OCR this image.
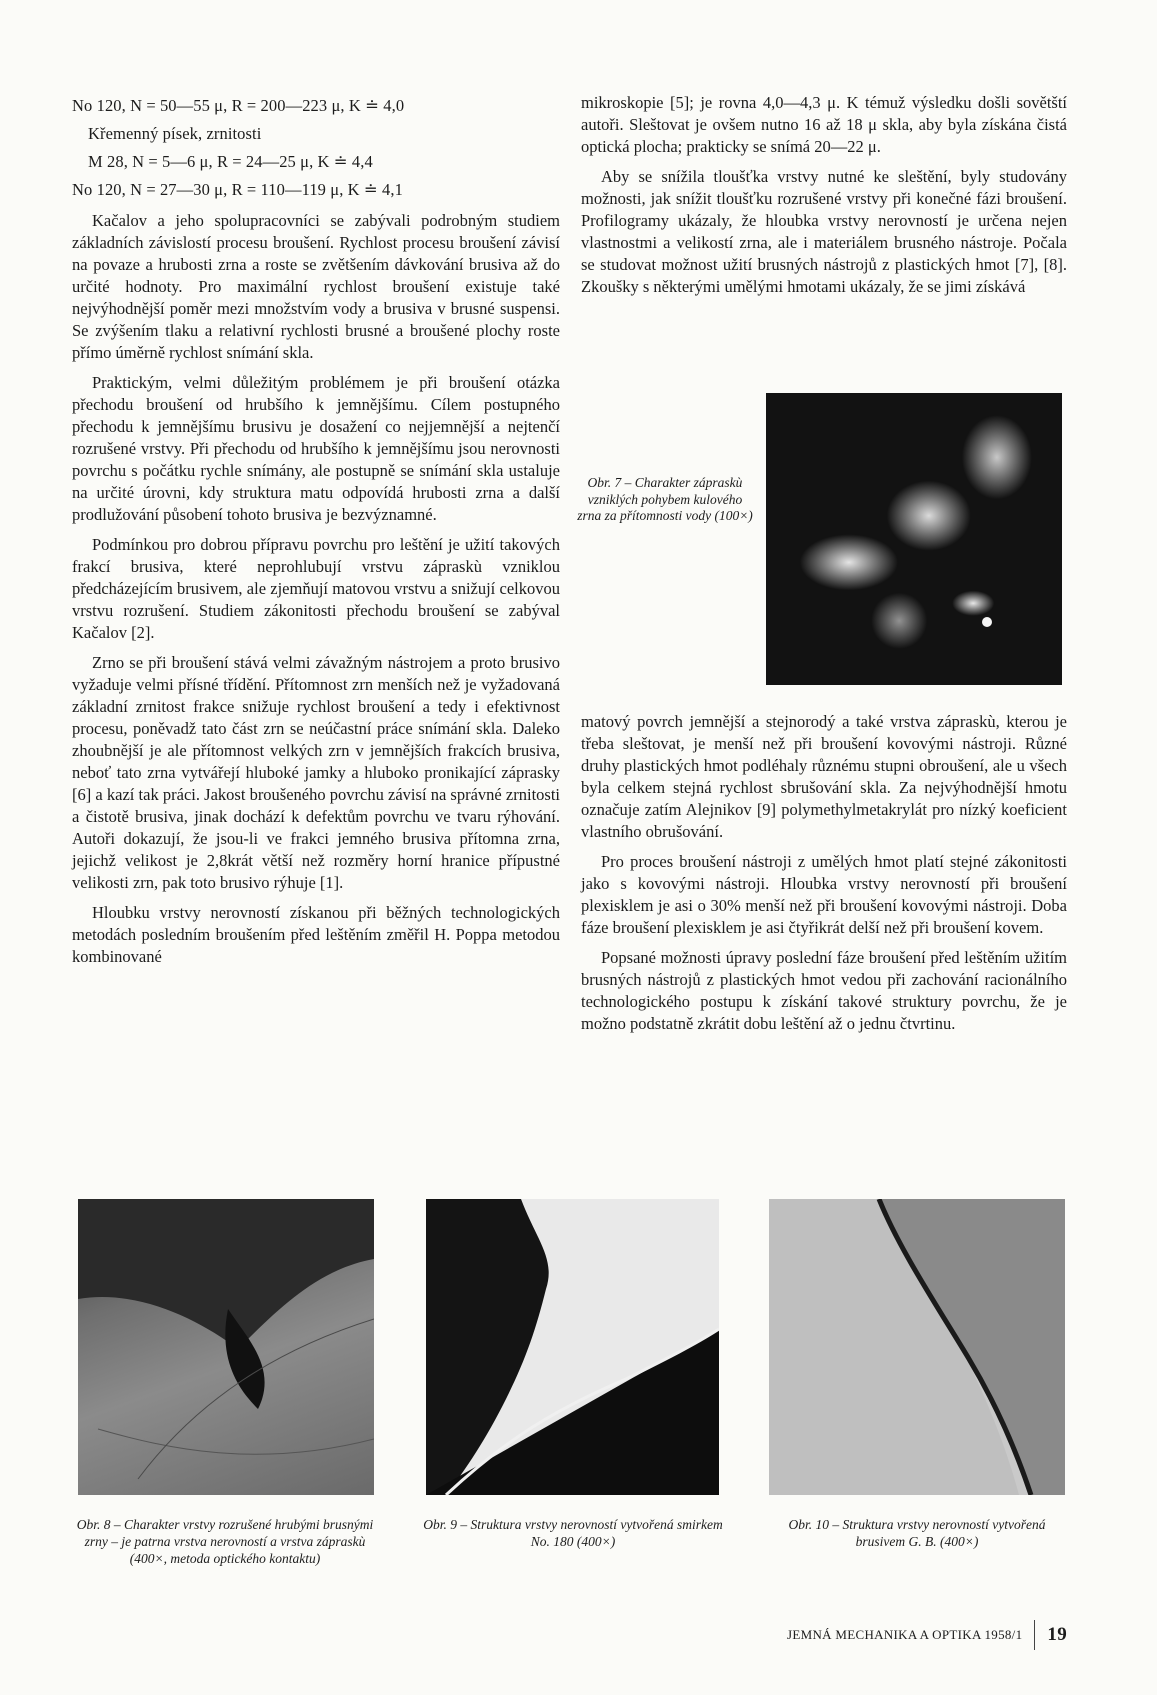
No 120, N = 50—55 μ, R = 200—223 μ, K ≐ 4,0
Křemenný písek, zrnitosti
M 28, N = 5—6 μ, R = 24—25 μ, K ≐ 4,4
No 120, N = 27—30 μ, R = 110—119 μ, K ≐ 4,1

Kačalov a jeho spolupracovníci se zabývali podrobným studiem základních závislostí procesu broušení. Rychlost procesu broušení závisí na povaze a hrubosti zrna a roste se zvětšením dávkování brusiva až do určité hodnoty. Pro maximální rychlost broušení existuje také nejvýhodnější poměr mezi množstvím vody a brusiva v brusné suspensi. Se zvýšením tlaku a relativní rychlosti brusné a broušené plochy roste přímo úměrně rychlost snímání skla.

Praktickým, velmi důležitým problémem je při broušení otázka přechodu broušení od hrubšího k jemnějšímu. Cílem postupného přechodu k jemnějšímu brusivu je dosažení co nejjemnější a nejtenčí rozrušené vrstvy. Při přechodu od hrubšího k jemnějšímu jsou nerovnosti povrchu s počátku rychle snímány, ale postupně se snímání skla ustaluje na určité úrovni, kdy struktura matu odpovídá hrubosti zrna a další prodlužování působení tohoto brusiva je bezvýznamné.

Podmínkou pro dobrou přípravu povrchu pro leštění je užití takových frakcí brusiva, které neprohlubují vrstvu zápraskù vzniklou předcházejícím brusivem, ale zjemňují matovou vrstvu a snižují celkovou vrstvu rozrušení. Studiem zákonitosti přechodu broušení se zabýval Kačalov [2].

Zrno se při broušení stává velmi závažným nástrojem a proto brusivo vyžaduje velmi přísné třídění. Přítomnost zrn menších než je vyžadovaná základní zrnitost frakce snižuje rychlost broušení a tedy i efektivnost procesu, poněvadž tato část zrn se neúčastní práce snímání skla. Daleko zhoubnější je ale přítomnost velkých zrn v jemnějších frakcích brusiva, neboť tato zrna vytvářejí hluboké jamky a hluboko pronikající zápraskу [6] a kazí tak práci. Jakost broušeného povrchu závisí na správné zrnitosti a čistotě brusiva, jinak dochází k defektům povrchu ve tvaru rýhování. Autoři dokazují, že jsou-li ve frakci jemného brusiva přítomna zrna, jejichž velikost je 2,8krát větší než rozměry horní hranice přípustné velikosti zrn, pak toto brusivo rýhuje [1].

Hloubku vrstvy nerovností získanou při běžných technologických metodách posledním broušením před leštěním změřil H. Poppa metodou kombinované

mikroskopie [5]; je rovna 4,0—4,3 μ. K témuž výsledku došli sovětští autoři. Sleštovat je ovšem nutno 16 až 18 μ skla, aby byla získána čistá optická plocha; prakticky se snímá 20—22 μ.

Aby se snížila tloušťka vrstvy nutné ke sleštění, byly studovány možnosti, jak snížit tloušťku rozrušené vrstvy při konečné fázi broušení. Profilogramy ukázaly, že hloubka vrstvy nerovností je určena nejen vlastnostmi a velikostí zrna, ale i materiálem brusného nástroje. Počala se studovat možnost užití brusných nástrojů z plastických hmot [7], [8]. Zkoušky s některými umělými hmotami ukázaly, že se jimi získává

Obr. 7 – Charakter zápraskù vzniklých pohybem kulového zrna za přítomnosti vody (100×)

matový povrch jemnější a stejnorodý a také vrstva zápraskù, kterou je třeba sleštovat, je menší než při broušení kovovými nástroji. Různé druhy plastických hmot podléhaly různému stupni obroušení, ale u všech byla celkem stejná rychlost sbrušování skla. Za nejvýhodnější hmotu označuje zatím Alejnikov [9] polymethylmetakrylát pro nízký koeficient vlastního obrušování.

Pro proces broušení nástroji z umělých hmot platí stejné zákonitosti jako s kovovými nástroji. Hloubka vrstvy nerovností při broušení plexisklem je asi o 30% menší než při broušení kovovými nástroji. Doba fáze broušení plexisklem je asi čtyřikrát delší než při broušení kovem.

Popsané možnosti úpravy poslední fáze broušení před leštěním užitím brusných nástrojů z plastických hmot vedou při zachování racionálního technologického postupu k získání takové struktury povrchu, že je možno podstatně zkrátit dobu leštění až o jednu čtvrtinu.

Obr. 8 – Charakter vrstvy rozrušené hrubými brusnými zrny – je patrna vrstva nerovností a vrstva zápraskù (400×, metoda optického kontaktu)
Obr. 9 – Struktura vrstvy nerovností vytvořená smirkem No. 180 (400×)
Obr. 10 – Struktura vrstvy nerovností vytvořená brusivem G. B. (400×)
JEMNÁ MECHANIKA A OPTIKA 1958/1 19
